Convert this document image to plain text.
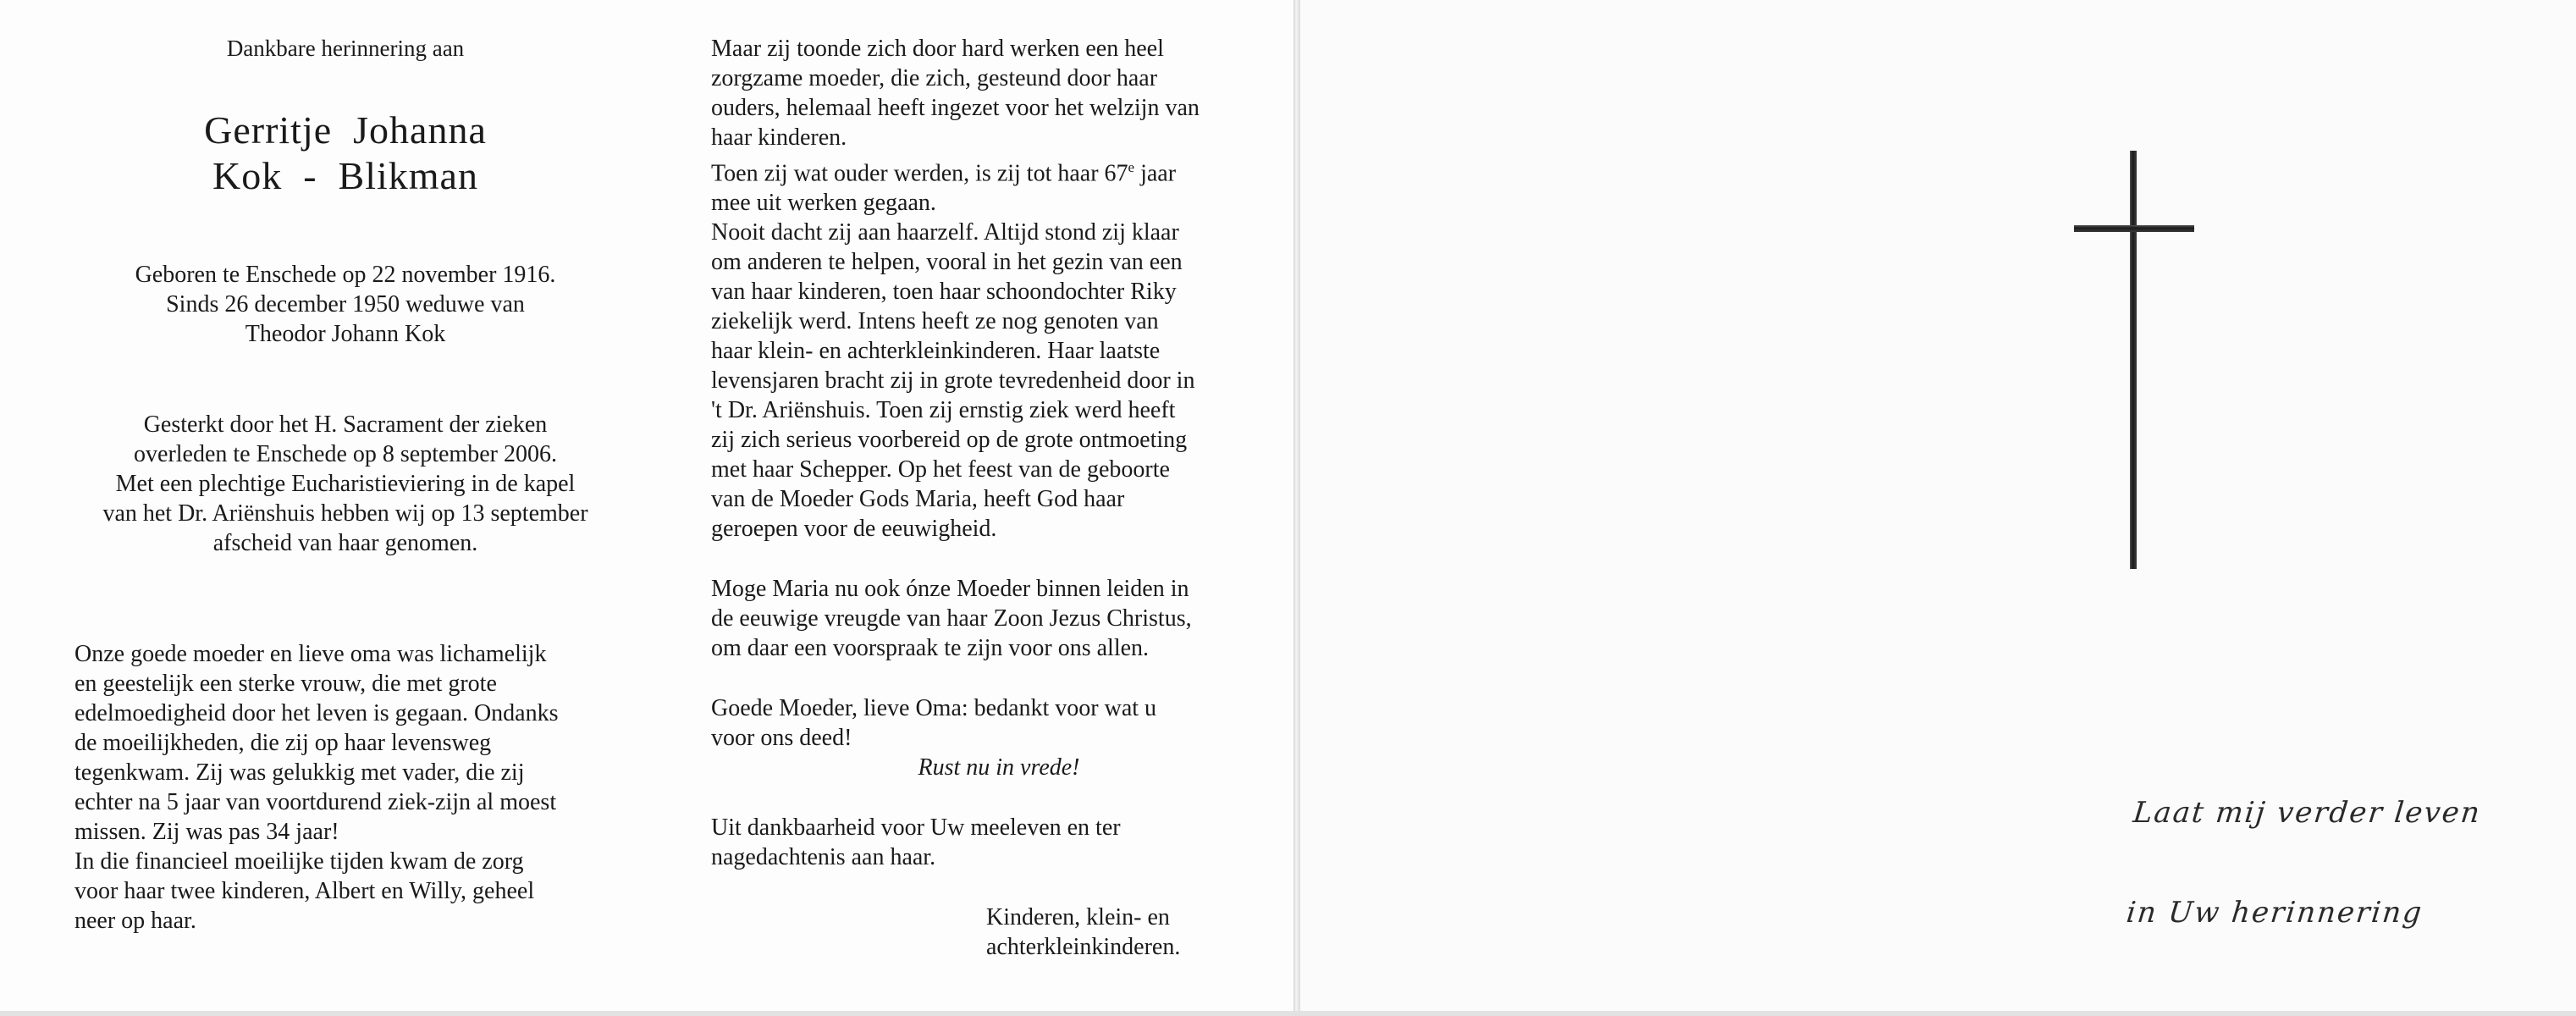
Dankbare herinnering aan
Gerritje  Johanna
Kok  -  Blikman
Geboren te Enschede op 22 november 1916.
Sinds 26 december 1950 weduwe van
Theodor Johann Kok
Gesterkt door het H. Sacrament der zieken
overleden te Enschede op 8 september 2006.
Met een plechtige Eucharistieviering in de kapel
van het Dr. Ariënshuis hebben wij op 13 september
afscheid van haar genomen.
Onze goede moeder en lieve oma was lichamelijk
en geestelijk een sterke vrouw, die met grote
edelmoedigheid door het leven is gegaan. Ondanks
de moeilijkheden, die zij op haar levensweg
tegenkwam. Zij was gelukkig met vader, die zij
echter na 5 jaar van voortdurend ziek-zijn al moest
missen. Zij was pas 34 jaar!
In die financieel moeilijke tijden kwam de zorg
voor haar twee kinderen, Albert en Willy, geheel
neer op haar.
Maar zij toonde zich door hard werken een heel
zorgzame moeder, die zich, gesteund door haar
ouders, helemaal heeft ingezet voor het welzijn van
haar kinderen.
Toen zij wat ouder werden, is zij tot haar 67e jaar
mee uit werken gegaan.
Nooit dacht zij aan haarzelf. Altijd stond zij klaar
om anderen te helpen, vooral in het gezin van een
van haar kinderen, toen haar schoondochter Riky
ziekelijk werd. Intens heeft ze nog genoten van
haar klein- en achterkleinkinderen. Haar laatste
levensjaren bracht zij in grote tevredenheid door in
't Dr. Ariënshuis. Toen zij ernstig ziek werd heeft
zij zich serieus voorbereid op de grote ontmoeting
met haar Schepper. Op het feest van de geboorte
van de Moeder Gods Maria, heeft God haar
geroepen voor de eeuwigheid.
Moge Maria nu ook ónze Moeder binnen leiden in
de eeuwige vreugde van haar Zoon Jezus Christus,
om daar een voorspraak te zijn voor ons allen.
Goede Moeder, lieve Oma: bedankt voor wat u
voor ons deed!
Rust nu in vrede!
Uit dankbaarheid voor Uw meeleven en ter
nagedachtenis aan haar.
Kinderen, klein- en
achterkleinkinderen.
Laat mij verder leven
in Uw herinnering
